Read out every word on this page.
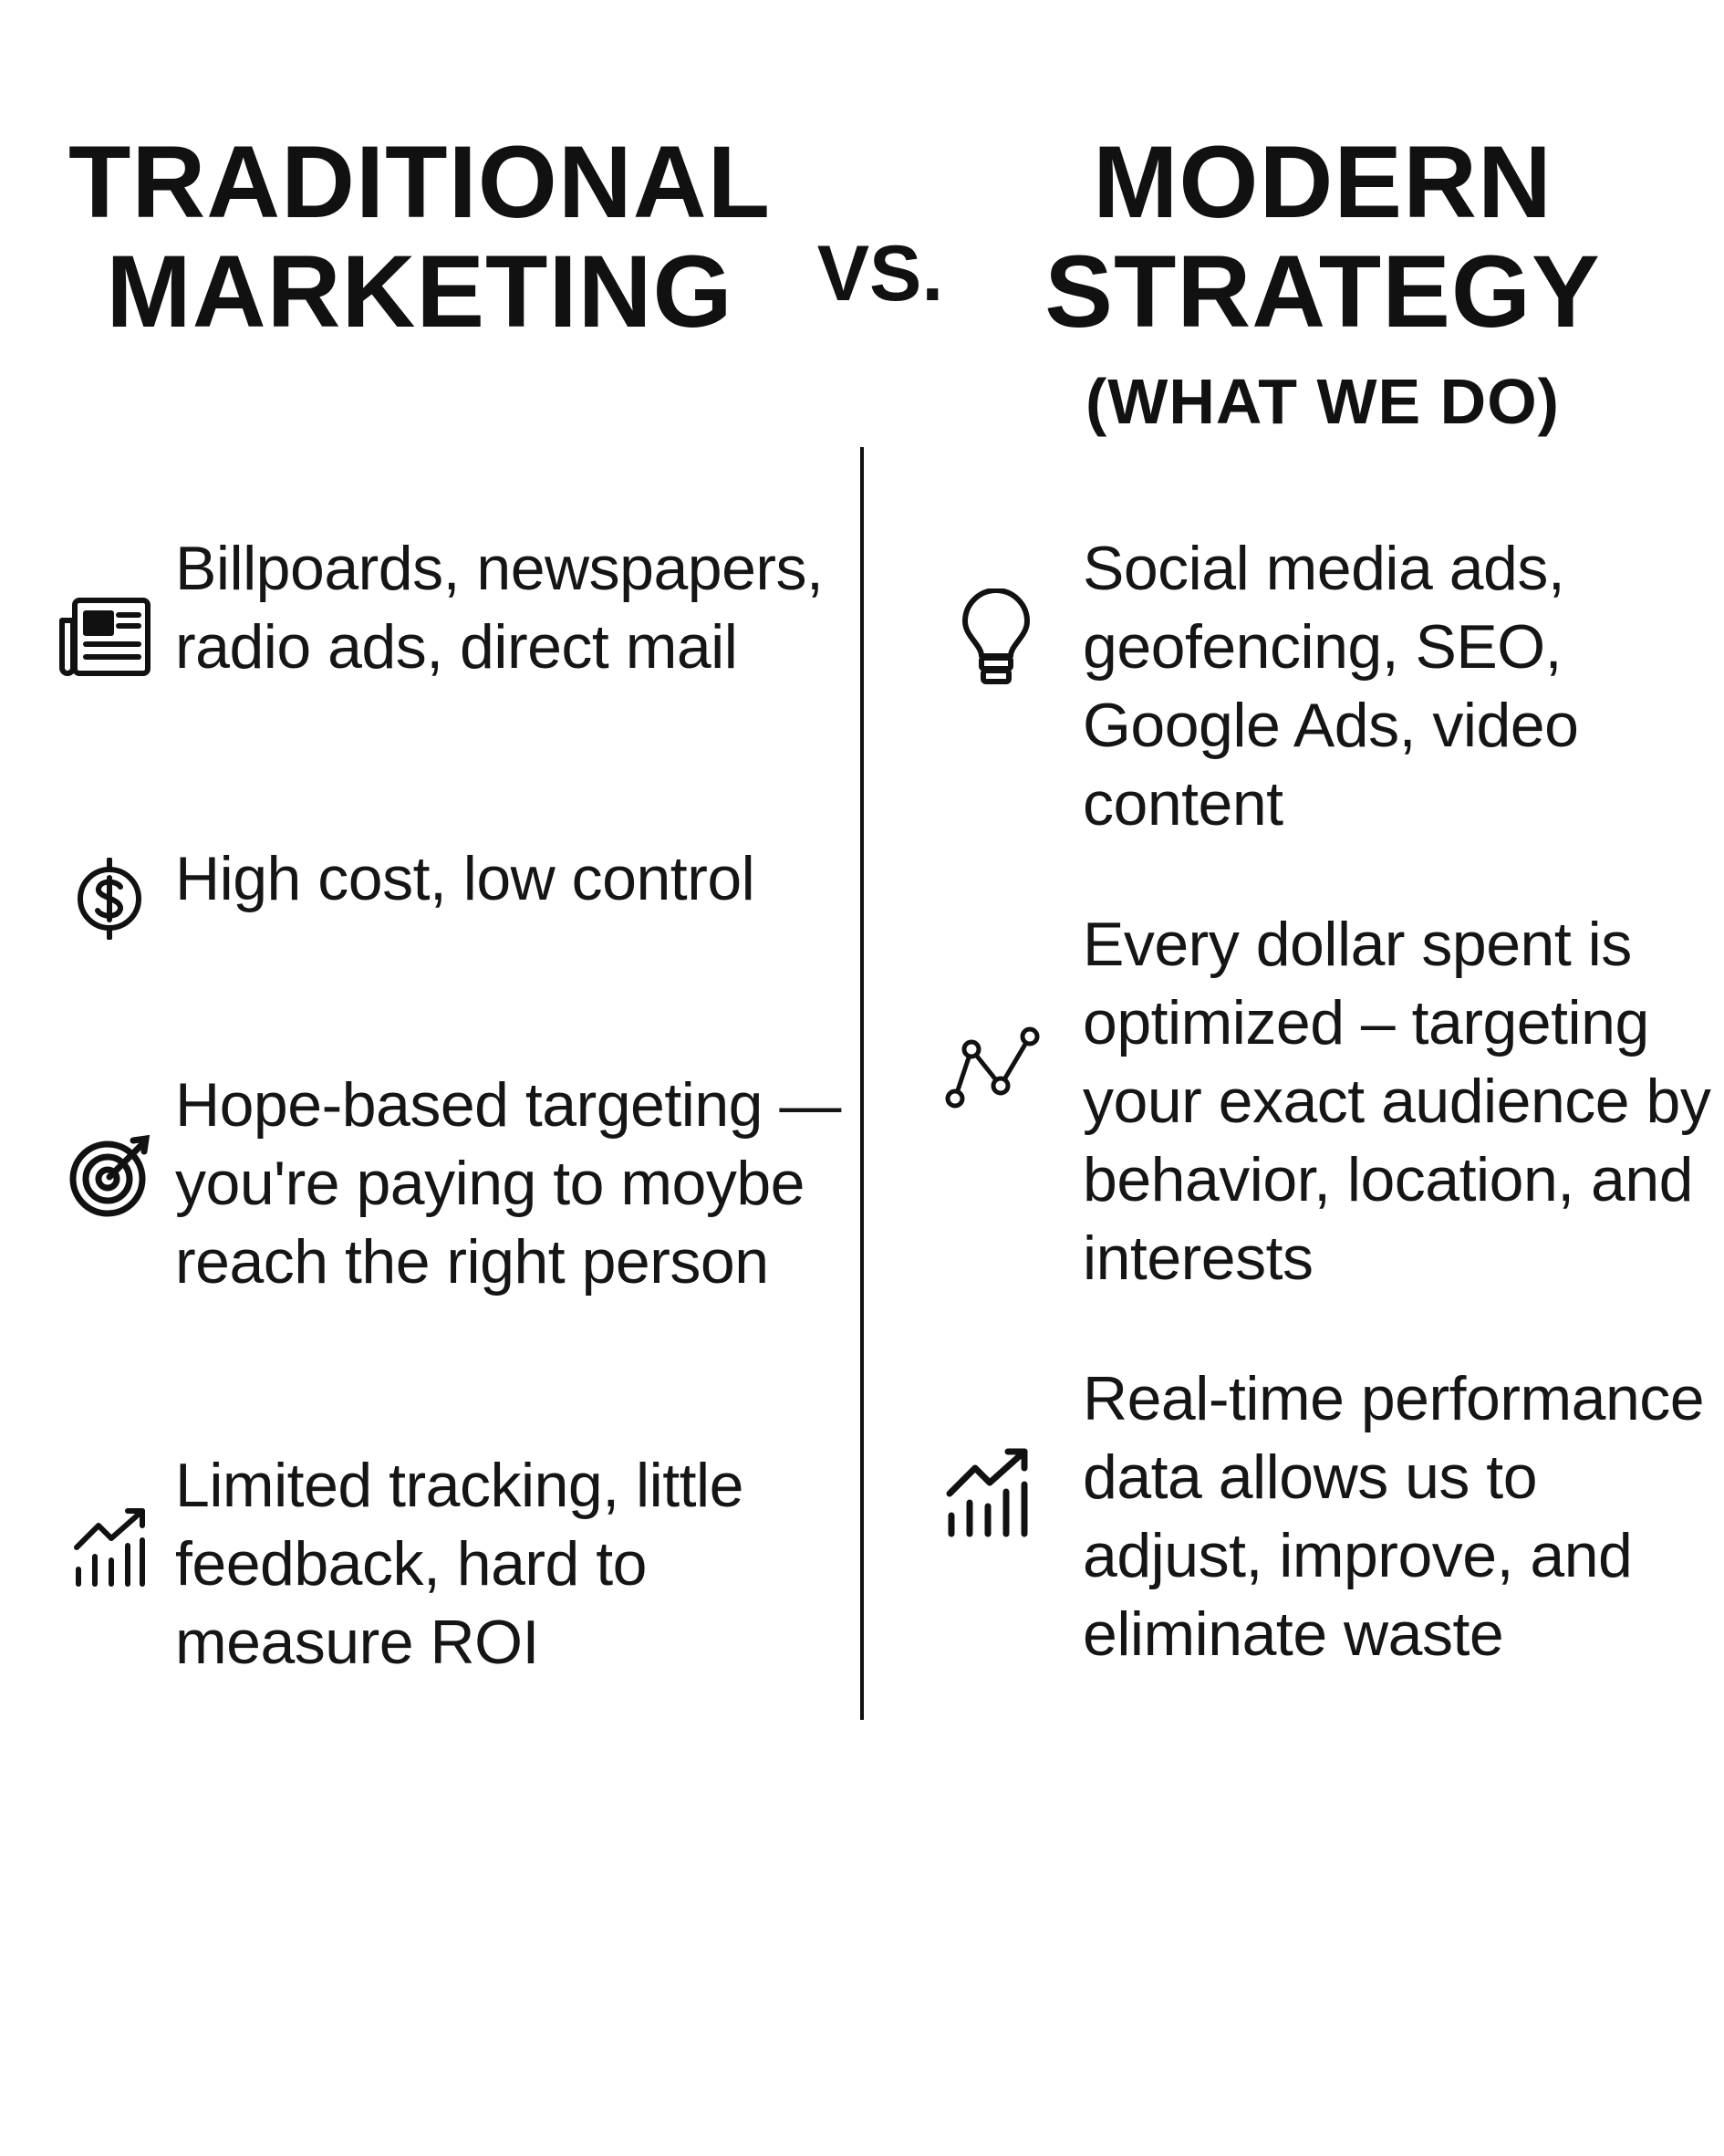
TRADITIONAL
MARKETING	VS.
MODERN
STRATEGY
(WHAT WE DO)
Billpoards, newspapers, radio ads, direct mail
High cost, low control
Hope-based targeting — you're paying to moybe reach the right person
Limited tracking, little feedback, hard to measure ROI
Social media ads, geofencing, SEO, Google Ads, video content
Every dollar spent is optimized – targeting your exact audience by behavior, location, and interests
Real-time performance data allows us to adjust, improve, and eliminate waste
